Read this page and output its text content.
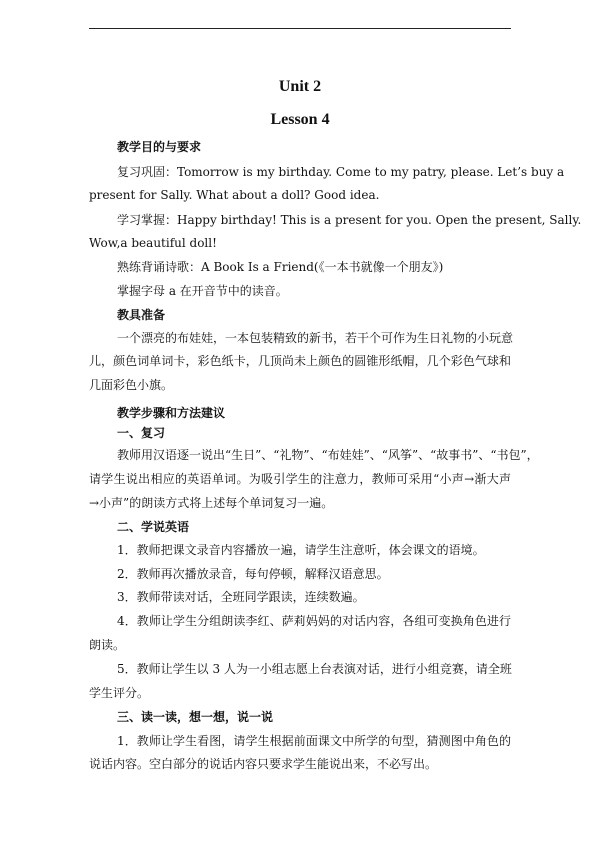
Unit 2
Lesson 4
教学目的与要求
复习巩固：Tomorrow is my birthday. Come to my patry, please. Let’s buy a
present for Sally. What about a doll? Good idea.
学习掌握：Happy birthday! This is a present for you. Open the present, Sally.
Wow,a beautiful doll!
熟练背诵诗歌：A Book Is a Friend(《一本书就像一个朋友》)
掌握字母 a 在开音节中的读音。
教具准备
一个漂亮的布娃娃，一本包装精致的新书，若干个可作为生日礼物的小玩意
儿，颜色词单词卡，彩色纸卡，几顶尚未上颜色的圆锥形纸帽，几个彩色气球和
几面彩色小旗。
教学步骤和方法建议
一、复习
教师用汉语逐一说出“生日”、“礼物”、“布娃娃”、“风筝”、“故事书”、“书包”，
请学生说出相应的英语单词。为吸引学生的注意力，教师可采用“小声→渐大声
→小声”的朗读方式将上述每个单词复习一遍。
二、学说英语
1．教师把课文录音内容播放一遍，请学生注意听，体会课文的语境。
2．教师再次播放录音，每句停顿，解释汉语意思。
3．教师带读对话，全班同学跟读，连续数遍。
4．教师让学生分组朗读李红、萨莉妈妈的对话内容，各组可变换角色进行
朗读。
5．教师让学生以 3 人为一小组志愿上台表演对话，进行小组竞赛，请全班
学生评分。
三、读一读，想一想，说一说
1．教师让学生看图，请学生根据前面课文中所学的句型，猜测图中角色的
说话内容。空白部分的说话内容只要求学生能说出来，不必写出。
